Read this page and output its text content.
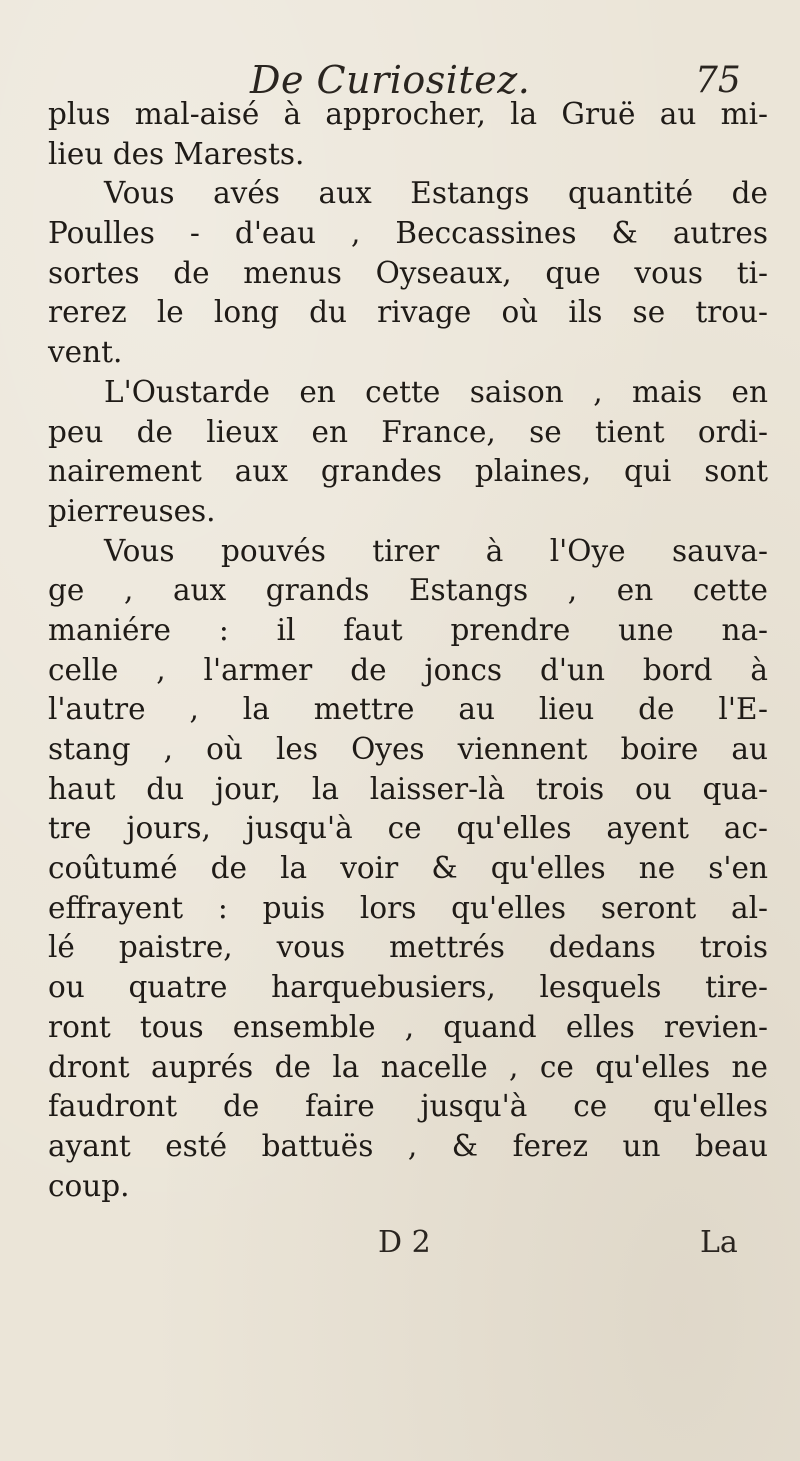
De Curiositez.	75
plus mal-aisé à approcher, la Gruë au mi-
lieu des Marests.
Vous avés aux Estangs quantité de
Poulles - d'eau , Beccassines & autres
sortes de menus Oyseaux, que vous ti-
rerez le long du rivage où ils se trou-
vent.
L'Oustarde en cette saison , mais en
peu de lieux en France, se tient ordi-
nairement aux grandes plaines, qui sont
pierreuses.
Vous pouvés tirer à l'Oye sauva-
ge , aux grands Estangs , en cette
maniére : il faut prendre une na-
celle , l'armer de joncs d'un bord à
l'autre , la mettre au lieu de l'E-
stang , où les Oyes viennent boire au
haut du jour, la laisser-là trois ou qua-
tre jours, jusqu'à ce qu'elles ayent ac-
coûtumé de la voir & qu'elles ne s'en
effrayent : puis lors qu'elles seront al-
lé paistre, vous mettrés dedans trois
ou quatre harquebusiers, lesquels tire-
ront tous ensemble , quand elles revien-
dront auprés de la nacelle , ce qu'elles ne
faudront de faire jusqu'à ce qu'elles
ayant esté battuës , & ferez un beau
coup.
D 2	La
